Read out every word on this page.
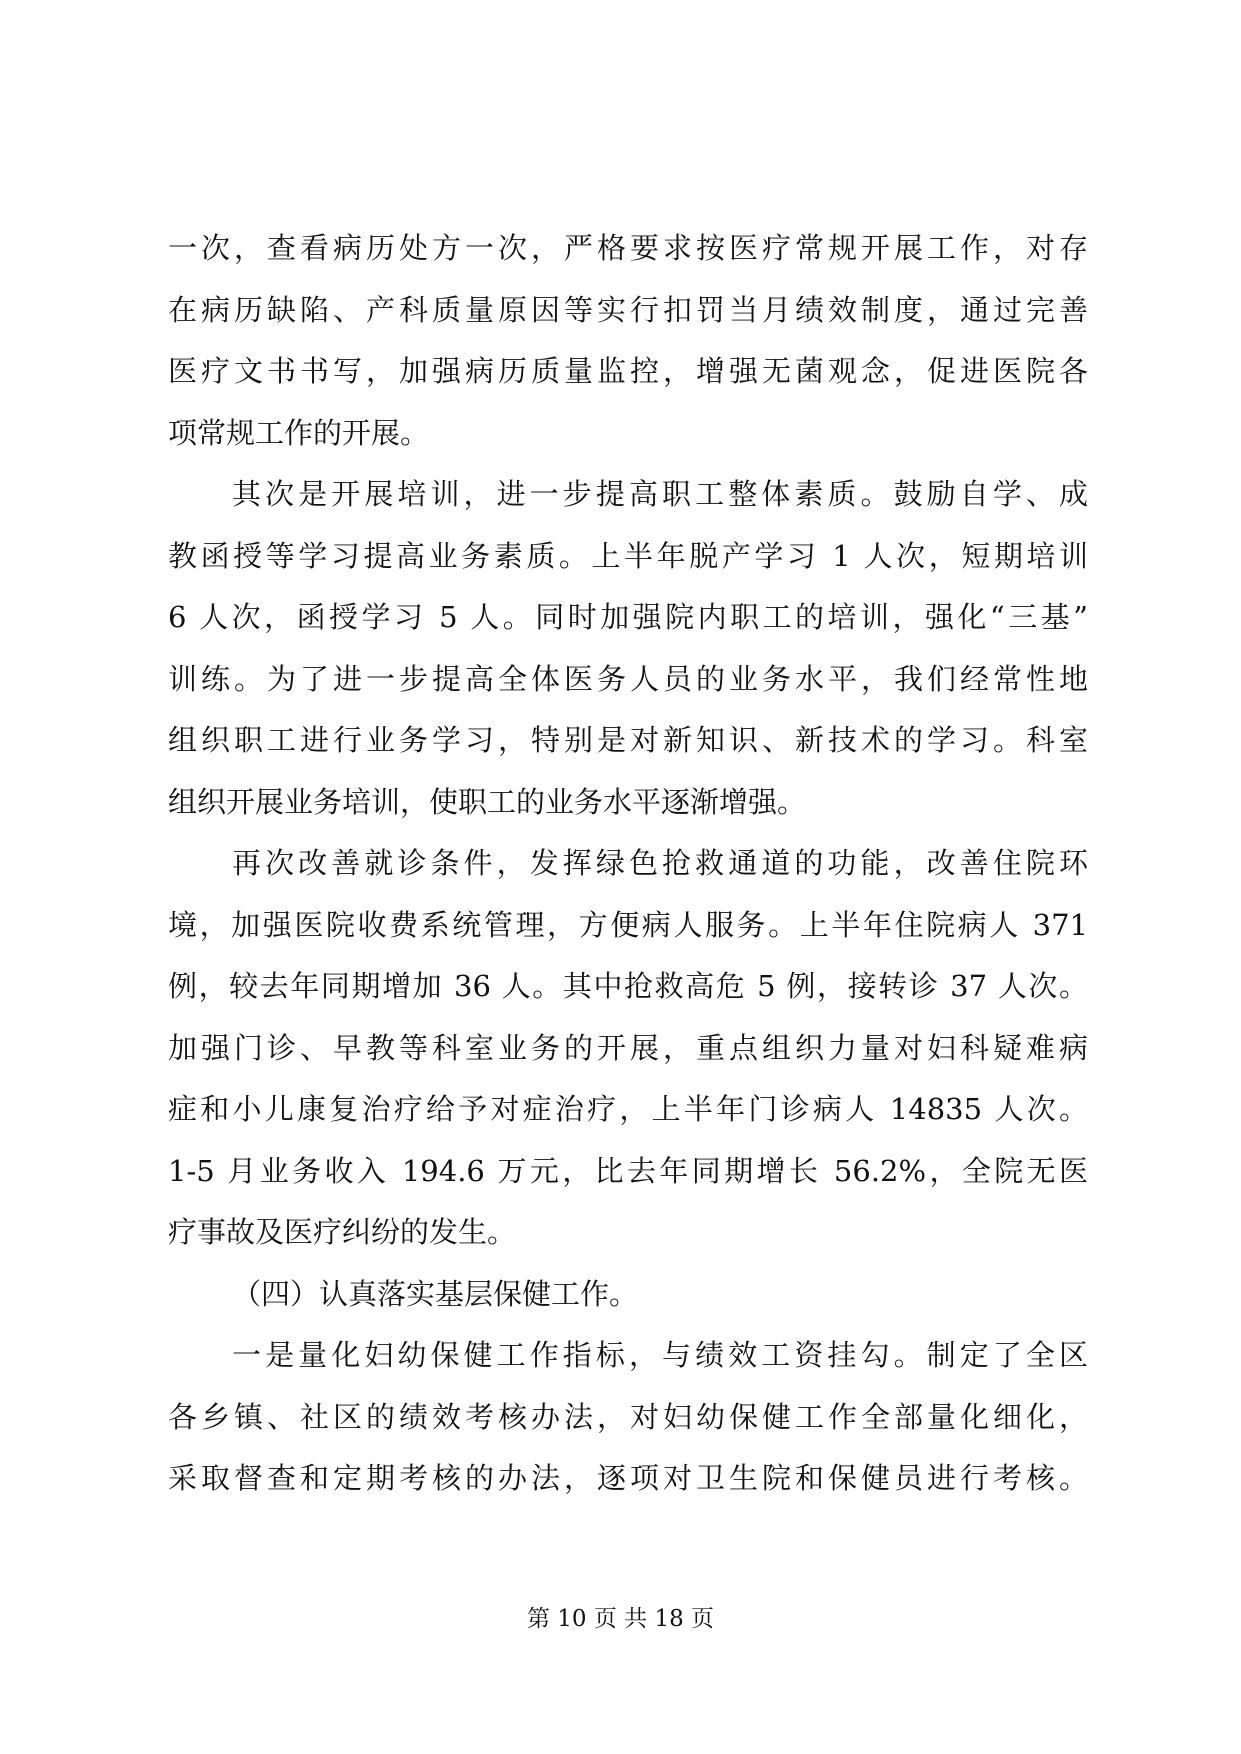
一次，查看病历处方一次，严格要求按医疗常规开展工作，对存
在病历缺陷、产科质量原因等实行扣罚当月绩效制度，通过完善
医疗文书书写，加强病历质量监控，增强无菌观念，促进医院各
项常规工作的开展。
其次是开展培训，进一步提高职工整体素质。鼓励自学、成
教函授等学习提高业务素质。上半年脱产学习 1 人次，短期培训
6 人次，函授学习 5 人。同时加强院内职工的培训，强化“三基”
训练。为了进一步提高全体医务人员的业务水平，我们经常性地
组织职工进行业务学习，特别是对新知识、新技术的学习。科室
组织开展业务培训，使职工的业务水平逐渐增强。
再次改善就诊条件，发挥绿色抢救通道的功能，改善住院环
境，加强医院收费系统管理，方便病人服务。上半年住院病人 371
例，较去年同期增加 36 人。其中抢救高危 5 例，接转诊 37 人次。
加强门诊、早教等科室业务的开展，重点组织力量对妇科疑难病
症和小儿康复治疗给予对症治疗，上半年门诊病人 14835 人次。
1-5 月业务收入 194.6 万元，比去年同期增长 56.2%，全院无医
疗事故及医疗纠纷的发生。
（四）认真落实基层保健工作。
一是量化妇幼保健工作指标，与绩效工资挂勾。制定了全区
各乡镇、社区的绩效考核办法，对妇幼保健工作全部量化细化，
采取督查和定期考核的办法，逐项对卫生院和保健员进行考核。
第 10 页 共 18 页
